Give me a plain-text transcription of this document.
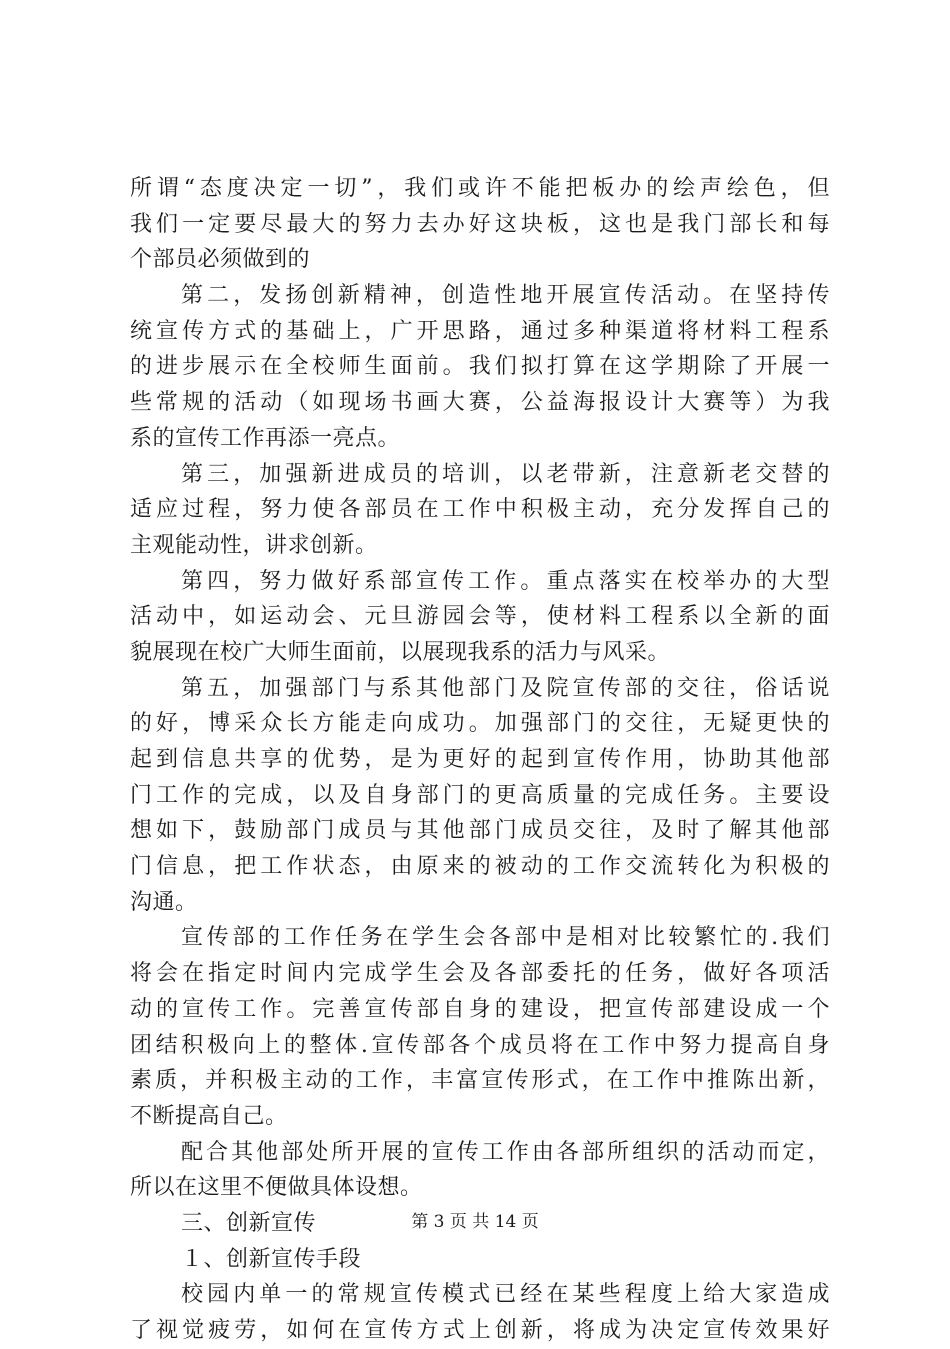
所谓“态度决定一切”，我们或许不能把板办的绘声绘色，但
我们一定要尽最大的努力去办好这块板，这也是我门部长和每
个部员必须做到的
第二，发扬创新精神，创造性地开展宣传活动。在坚持传
统宣传方式的基础上，广开思路，通过多种渠道将材料工程系
的进步展示在全校师生面前。我们拟打算在这学期除了开展一
些常规的活动（如现场书画大赛，公益海报设计大赛等）为我
系的宣传工作再添一亮点。
第三，加强新进成员的培训，以老带新，注意新老交替的
适应过程，努力使各部员在工作中积极主动，充分发挥自己的
主观能动性，讲求创新。
第四，努力做好系部宣传工作。重点落实在校举办的大型
活动中，如运动会、元旦游园会等，使材料工程系以全新的面
貌展现在校广大师生面前，以展现我系的活力与风采。
第五，加强部门与系其他部门及院宣传部的交往，俗话说
的好，博采众长方能走向成功。加强部门的交往，无疑更快的
起到信息共享的优势，是为更好的起到宣传作用，协助其他部
门工作的完成，以及自身部门的更高质量的完成任务。主要设
想如下，鼓励部门成员与其他部门成员交往，及时了解其他部
门信息，把工作状态，由原来的被动的工作交流转化为积极的
沟通。
宣传部的工作任务在学生会各部中是相对比较繁忙的.我们
将会在指定时间内完成学生会及各部委托的任务，做好各项活
动的宣传工作。完善宣传部自身的建设，把宣传部建设成一个
团结积极向上的整体.宣传部各个成员将在工作中努力提高自身
素质，并积极主动的工作，丰富宣传形式，在工作中推陈出新，
不断提高自己。
配合其他部处所开展的宣传工作由各部所组织的活动而定，
所以在这里不便做具体设想。
三、创新宣传
１、创新宣传手段
校园内单一的常规宣传模式已经在某些程度上给大家造成
了视觉疲劳，如何在宣传方式上创新，将成为决定宣传效果好
第 3 页 共 14 页
